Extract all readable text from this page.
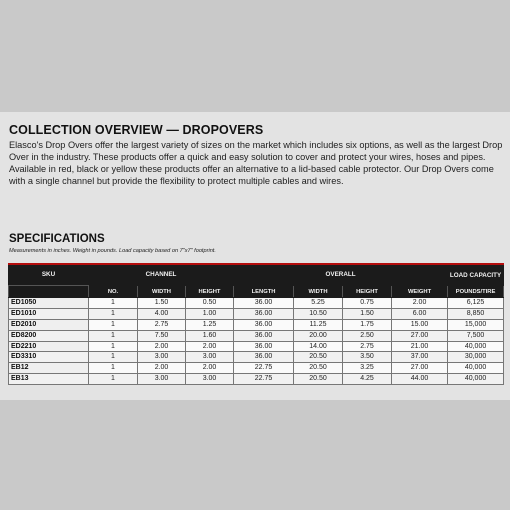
COLLECTION OVERVIEW — DROPOVERS
Elasco's Drop Overs offer the largest variety of sizes on the market which includes six options, as well as the largest Drop Over in the industry. These products offer a quick and easy solution to cover and protect your wires, hoses and pipes. Available in red, black or yellow these products offer an alternative to a lid-based cable protector. Our Drop Overs come with a single channel but provide the flexibility to protect multiple cables and wires.
SPECIFICATIONS
Measurements in inches. Weight in pounds. Load capacity based on 7"x7" footprint.
SKU	CHANNEL			OVERALL				LOAD CAPACITY
	NO.	WIDTH	HEIGHT	LENGTH	WIDTH	HEIGHT	WEIGHT	POUNDS/TIRE
ED1050	1	1.50	0.50	36.00	5.25	0.75	2.00	6,125
ED1010	1	4.00	1.00	36.00	10.50	1.50	6.00	8,850
ED2010	1	2.75	1.25	36.00	11.25	1.75	15.00	15,000
ED8200	1	7.50	1.60	36.00	20.00	2.50	27.00	7,500
ED2210	1	2.00	2.00	36.00	14.00	2.75	21.00	40,000
ED3310	1	3.00	3.00	36.00	20.50	3.50	37.00	30,000
EB12	1	2.00	2.00	22.75	20.50	3.25	27.00	40,000
EB13	1	3.00	3.00	22.75	20.50	4.25	44.00	40,000
